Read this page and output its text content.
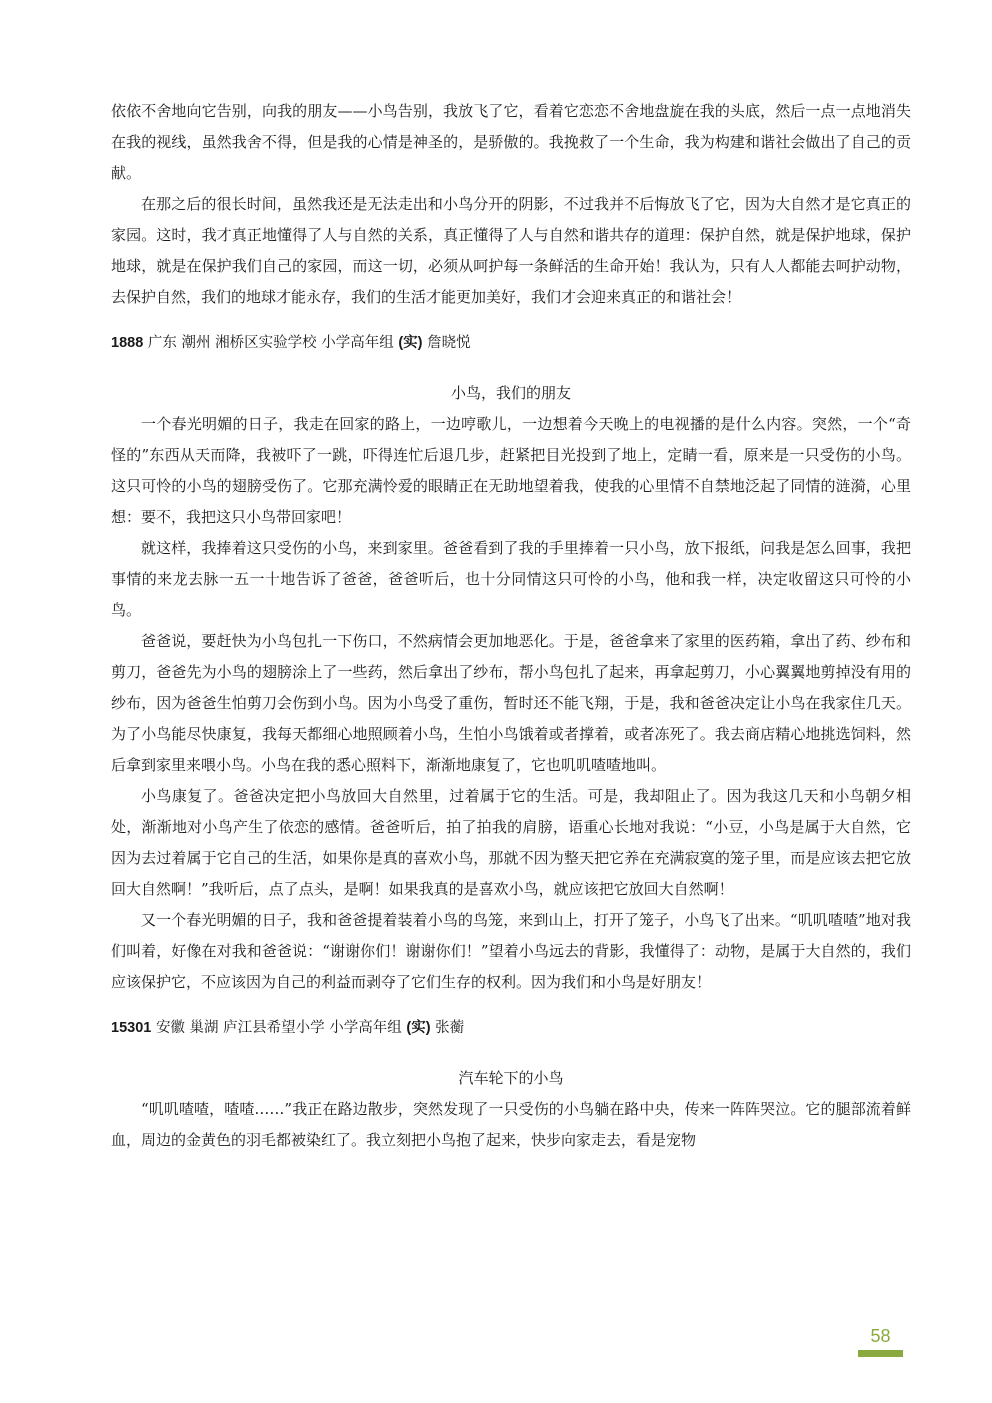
依依不舍地向它告别，向我的朋友——小鸟告别，我放飞了它，看着它恋恋不舍地盘旋在我的头底，然后一点一点地消失在我的视线，虽然我舍不得，但是我的心情是神圣的，是骄傲的。我挽救了一个生命，我为构建和谐社会做出了自己的贡献。

在那之后的很长时间，虽然我还是无法走出和小鸟分开的阴影，不过我并不后悔放飞了它，因为大自然才是它真正的家园。这时，我才真正地懂得了人与自然的关系，真正懂得了人与自然和谐共存的道理：保护自然，就是保护地球，保护地球，就是在保护我们自己的家园，而这一切，必须从呵护每一条鲜活的生命开始！我认为，只有人人都能去呵护动物，去保护自然，我们的地球才能永存，我们的生活才能更加美好，我们才会迎来真正的和谐社会！

1888 广东 潮州 湘桥区实验学校 小学高年组 (实) 詹晓悦

小鸟，我们的朋友

一个春光明媚的日子，我走在回家的路上，一边哼歌儿，一边想着今天晚上的电视播的是什么内容。突然，一个“奇怪的”东西从天而降，我被吓了一跳，吓得连忙后退几步，赶紧把目光投到了地上，定睛一看，原来是一只受伤的小鸟。这只可怜的小鸟的翅膀受伤了。它那充满怜爱的眼睛正在无助地望着我，使我的心里情不自禁地泛起了同情的涟漪，心里想：要不，我把这只小鸟带回家吧！

就这样，我捧着这只受伤的小鸟，来到家里。爸爸看到了我的手里捧着一只小鸟，放下报纸，问我是怎么回事，我把事情的来龙去脉一五一十地告诉了爸爸，爸爸听后，也十分同情这只可怜的小鸟，他和我一样，决定收留这只可怜的小鸟。

爸爸说，要赶快为小鸟包扎一下伤口，不然病情会更加地恶化。于是，爸爸拿来了家里的医药箱，拿出了药、纱布和剪刀，爸爸先为小鸟的翅膀涂上了一些药，然后拿出了纱布，帮小鸟包扎了起来，再拿起剪刀，小心翼翼地剪掉没有用的纱布，因为爸爸生怕剪刀会伤到小鸟。因为小鸟受了重伤，暂时还不能飞翔，于是，我和爸爸决定让小鸟在我家住几天。为了小鸟能尽快康复，我每天都细心地照顾着小鸟，生怕小鸟饿着或者撑着，或者冻死了。我去商店精心地挑选饲料，然后拿到家里来喂小鸟。小鸟在我的悉心照料下，渐渐地康复了，它也叽叽喳喳地叫。

小鸟康复了。爸爸决定把小鸟放回大自然里，过着属于它的生活。可是，我却阻止了。因为我这几天和小鸟朝夕相处，渐渐地对小鸟产生了依恋的感情。爸爸听后，拍了拍我的肩膀，语重心长地对我说：“小豆，小鸟是属于大自然，它因为去过着属于它自己的生活，如果你是真的喜欢小鸟，那就不因为整天把它养在充满寂寞的笼子里，而是应该去把它放回大自然啊！”我听后，点了点头，是啊！如果我真的是喜欢小鸟，就应该把它放回大自然啊！

又一个春光明媚的日子，我和爸爸提着装着小鸟的鸟笼，来到山上，打开了笼子，小鸟飞了出来。“叽叽喳喳”地对我们叫着，好像在对我和爸爸说：“谢谢你们！谢谢你们！”望着小鸟远去的背影，我懂得了：动物，是属于大自然的，我们应该保护它，不应该因为自己的利益而剥夺了它们生存的权利。因为我们和小鸟是好朋友！

15301 安徽 巢湖 庐江县希望小学 小学高年组 (实) 张蘅

汽车轮下的小鸟

“叽叽喳喳，喳喳……”我正在路边散步，突然发现了一只受伤的小鸟躺在路中央，传来一阵阵哭泣。它的腿部流着鲜血，周边的金黄色的羽毛都被染红了。我立刻把小鸟抱了起来，快步向家走去，看是宠物

58
